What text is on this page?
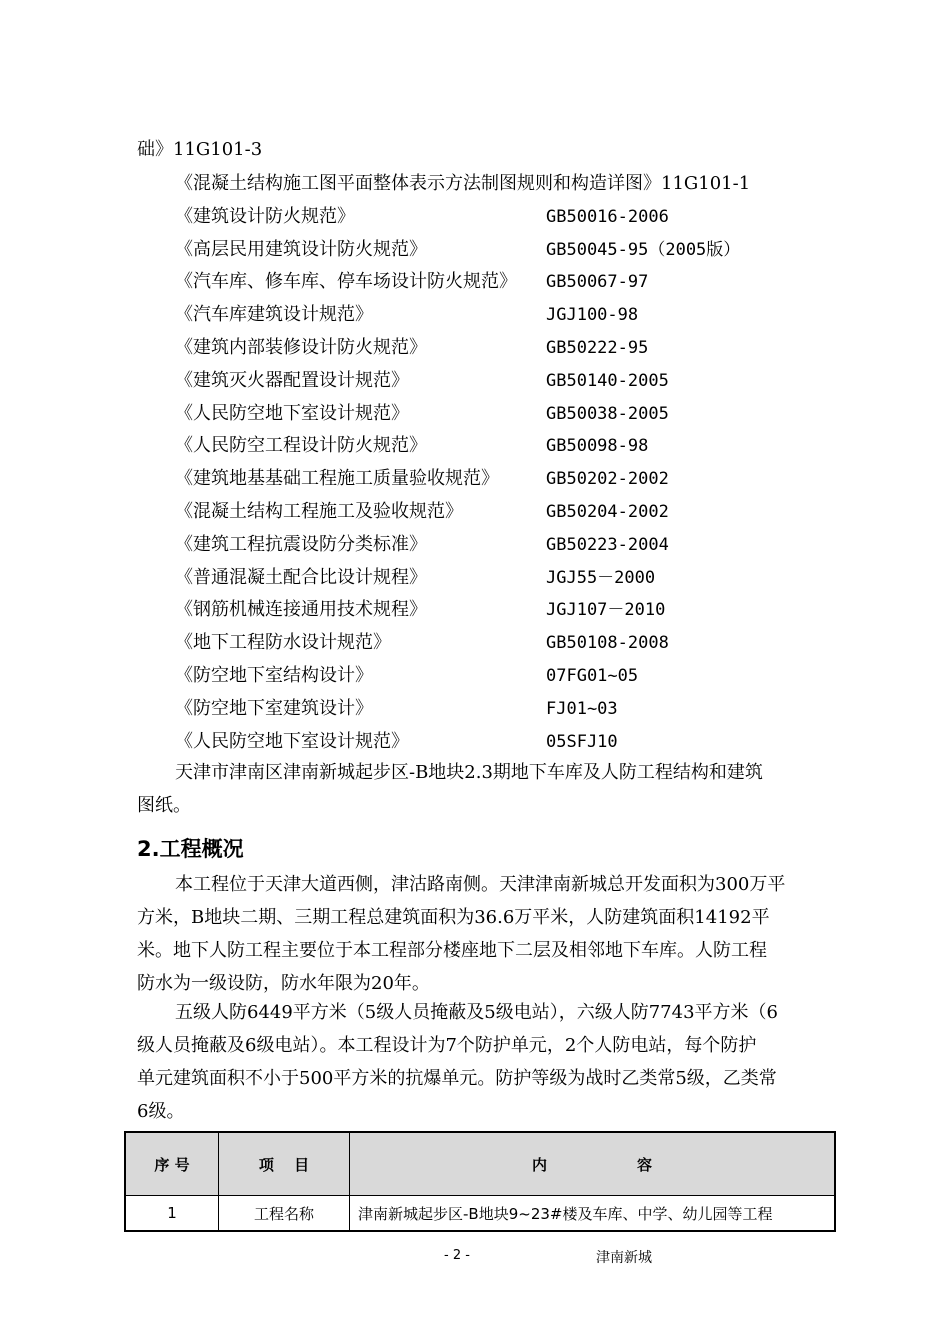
础》11G101-3
《混凝土结构施工图平面整体表示方法制图规则和构造详图》11G101-1
《建筑设计防火规范》	GB50016-2006
《高层民用建筑设计防火规范》	GB50045-95（2005版）
《汽车库、修车库、停车场设计防火规范》 GB50067-97
《汽车库建筑设计规范》	JGJ100-98
《建筑内部装修设计防火规范》	GB50222-95
《建筑灭火器配置设计规范》	GB50140-2005
《人民防空地下室设计规范》	GB50038-2005
《人民防空工程设计防火规范》	GB50098-98
《建筑地基基础工程施工质量验收规范》	GB50202-2002
《混凝土结构工程施工及验收规范》	GB50204-2002
《建筑工程抗震设防分类标准》	GB50223-2004
《普通混凝土配合比设计规程》	JGJ55－2000
《钢筋机械连接通用技术规程》	JGJ107－2010
《地下工程防水设计规范》	GB50108-2008
《防空地下室结构设计》	07FG01~05
《防空地下室建筑设计》	FJ01~03
《人民防空地下室设计规范》	05SFJ10
天津市津南区津南新城起步区-B地块2.3期地下车库及人防工程结构和建筑
图纸。
2.工程概况
本工程位于天津大道西侧，津沽路南侧。天津津南新城总开发面积为300万平
方米，B地块二期、三期工程总建筑面积为36.6万平米，人防建筑面积14192平
米。地下人防工程主要位于本工程部分楼座地下二层及相邻地下车库。人防工程
防水为一级设防，防水年限为20年。
五级人防6449平方米（5级人员掩蔽及5级电站），六级人防7743平方米（6
级人员掩蔽及6级电站）。本工程设计为7个防护单元，2个人防电站，每个防护
单元建筑面积不小于500平方米的抗爆单元。防护等级为战时乙类常5级，乙类常
6级。
序 号	项　 目	内　　　　　　容
1	工程名称	津南新城起步区-B地块9~23#楼及车库、中学、幼儿园等工程
- 2 -	津南新城
